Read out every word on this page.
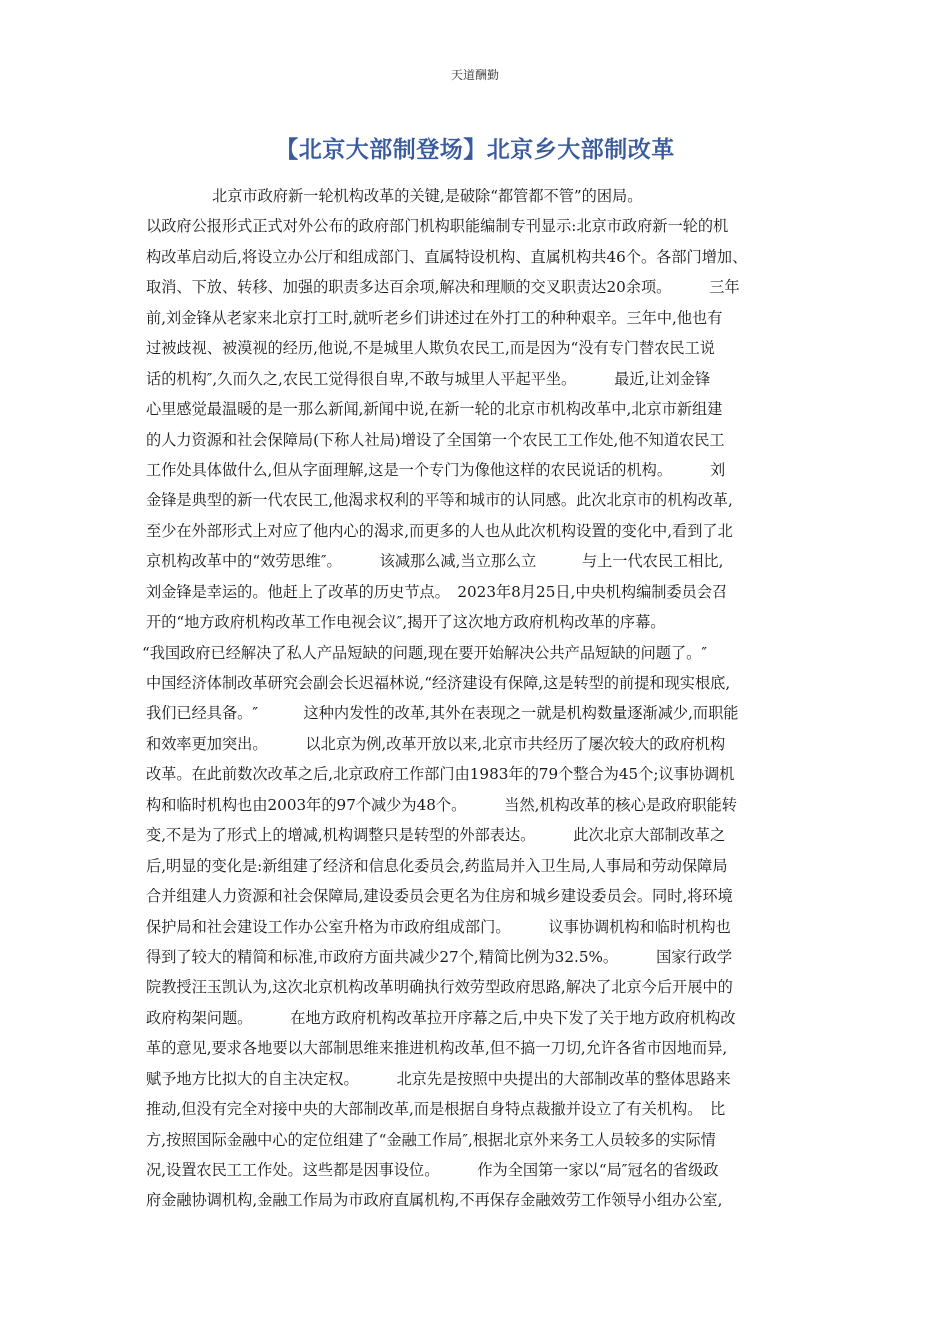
天道酬勤
【北京大部制登场】北京乡大部制改革
北京市政府新一轮机构改革的关键,是破除“都管都不管”的困局。
以政府公报形式正式对外公布的政府部门机构职能编制专刊显示:北京市政府新一轮的机
构改革启动后,将设立办公厅和组成部门、直属特设机构、直属机构共46个。各部门增加、
取消、下放、转移、加强的职责多达百余项,解决和理顺的交叉职责达20余项。　　　三年
前,刘金锋从老家来北京打工时,就听老乡们讲述过在外打工的种种艰辛。三年中,他也有
过被歧视、被漠视的经历,他说,不是城里人欺负农民工,而是因为“没有专门替农民工说
话的机构″,久而久之,农民工觉得很自卑,不敢与城里人平起平坐。　　　最近,让刘金锋
心里感觉最温暖的是一那么新闻,新闻中说,在新一轮的北京市机构改革中,北京市新组建
的人力资源和社会保障局(下称人社局)增设了全国第一个农民工工作处,他不知道农民工
工作处具体做什么,但从字面理解,这是一个专门为像他这样的农民说话的机构。　　　刘
金锋是典型的新一代农民工,他渴求权利的平等和城市的认同感。此次北京市的机构改革,
至少在外部形式上对应了他内心的渴求,而更多的人也从此次机构设置的变化中,看到了北
京机构改革中的“效劳思维″。　　　该减那么减,当立那么立　　　与上一代农民工相比,
刘金锋是幸运的。他赶上了改革的历史节点。　2023年8月25日,中央机构编制委员会召
开的“地方政府机构改革工作电视会议″,揭开了这次地方政府机构改革的序幕。
“我国政府已经解决了私人产品短缺的问题,现在要开始解决公共产品短缺的问题了。″
中国经济体制改革研究会副会长迟福林说,“经济建设有保障,这是转型的前提和现实根底,
我们已经具备。″　　　这种内发性的改革,其外在表现之一就是机构数量逐渐减少,而职能
和效率更加突出。　　　以北京为例,改革开放以来,北京市共经历了屡次较大的政府机构
改革。在此前数次改革之后,北京政府工作部门由1983年的79个整合为45个;议事协调机
构和临时机构也由2003年的97个减少为48个。　　　当然,机构改革的核心是政府职能转
变,不是为了形式上的增减,机构调整只是转型的外部表达。　　　此次北京大部制改革之
后,明显的变化是:新组建了经济和信息化委员会,药监局并入卫生局,人事局和劳动保障局
合并组建人力资源和社会保障局,建设委员会更名为住房和城乡建设委员会。同时,将环境
保护局和社会建设工作办公室升格为市政府组成部门。　　　议事协调机构和临时机构也
得到了较大的精简和标准,市政府方面共减少27个,精简比例为32.5%。　　　国家行政学
院教授汪玉凯认为,这次北京机构改革明确执行效劳型政府思路,解决了北京今后开展中的
政府构架问题。　　　在地方政府机构改革拉开序幕之后,中央下发了关于地方政府机构改
革的意见,要求各地要以大部制思维来推进机构改革,但不搞一刀切,允许各省市因地而异,
赋予地方比拟大的自主决定权。　　　北京先是按照中央提出的大部制改革的整体思路来
推动,但没有完全对接中央的大部制改革,而是根据自身特点裁撤并设立了有关机构。　比
方,按照国际金融中心的定位组建了“金融工作局″,根据北京外来务工人员较多的实际情
况,设置农民工工作处。这些都是因事设位。　　　作为全国第一家以“局″冠名的省级政
府金融协调机构,金融工作局为市政府直属机构,不再保存金融效劳工作领导小组办公室,
